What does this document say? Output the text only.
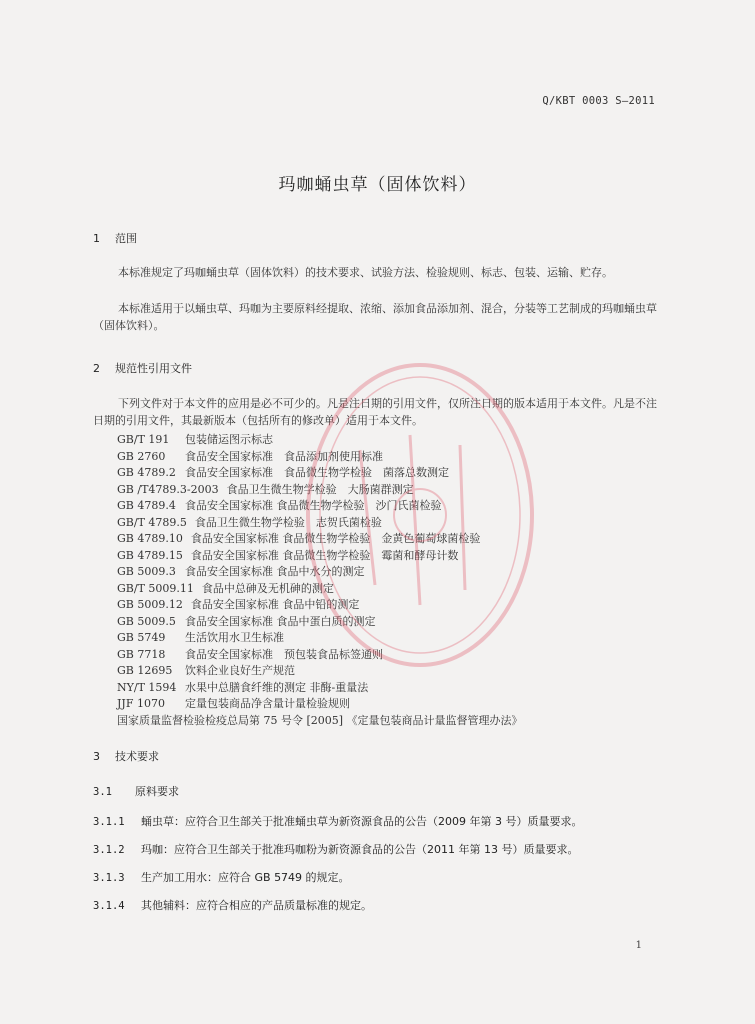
Q/KBT 0003 S—2011
玛咖蛹虫草（固体饮料）
1 范围
本标准规定了玛咖蛹虫草（固体饮料）的技术要求、试验方法、检验规则、标志、包装、运输、贮存。
本标准适用于以蛹虫草、玛咖为主要原料经提取、浓缩、添加食品添加剂、混合，分装等工艺制成的玛咖蛹虫草（固体饮料）。
2 规范性引用文件
下列文件对于本文件的应用是必不可少的。凡是注日期的引用文件，仅所注日期的版本适用于本文件。凡是不注日期的引用文件，其最新版本（包括所有的修改单）适用于本文件。
GB/T 191 包装储运图示标志
GB 2760 食品安全国家标准　食品添加剂使用标准
GB 4789.2 食品安全国家标准　食品微生物学检验　菌落总数测定
GB /T4789.3-2003 食品卫生微生物学检验　大肠菌群测定
GB 4789.4 食品安全国家标准 食品微生物学检验　沙门氏菌检验
GB/T 4789.5 食品卫生微生物学检验　志贺氏菌检验
GB 4789.10 食品安全国家标准 食品微生物学检验　金黄色葡萄球菌检验
GB 4789.15 食品安全国家标准 食品微生物学检验　霉菌和酵母计数
GB 5009.3 食品安全国家标准 食品中水分的测定
GB/T 5009.11 食品中总砷及无机砷的测定
GB 5009.12 食品安全国家标准 食品中铅的测定
GB 5009.5 食品安全国家标准 食品中蛋白质的测定
GB 5749 生活饮用水卫生标准
GB 7718 食品安全国家标准　预包装食品标签通则
GB 12695 饮料企业良好生产规范
NY/T 1594 水果中总膳食纤维的测定 非酶-重量法
JJF 1070 定量包装商品净含量计量检验规则
国家质量监督检验检疫总局第 75 号令 [2005] 《定量包装商品计量监督管理办法》
3 技术要求
3.1 原料要求
3.1.1 蛹虫草：应符合卫生部关于批准蛹虫草为新资源食品的公告（2009 年第 3 号）质量要求。
3.1.2 玛咖：应符合卫生部关于批准玛咖粉为新资源食品的公告（2011 年第 13 号）质量要求。
3.1.3 生产加工用水：应符合 GB 5749 的规定。
3.1.4 其他辅料：应符合相应的产品质量标准的规定。
1
